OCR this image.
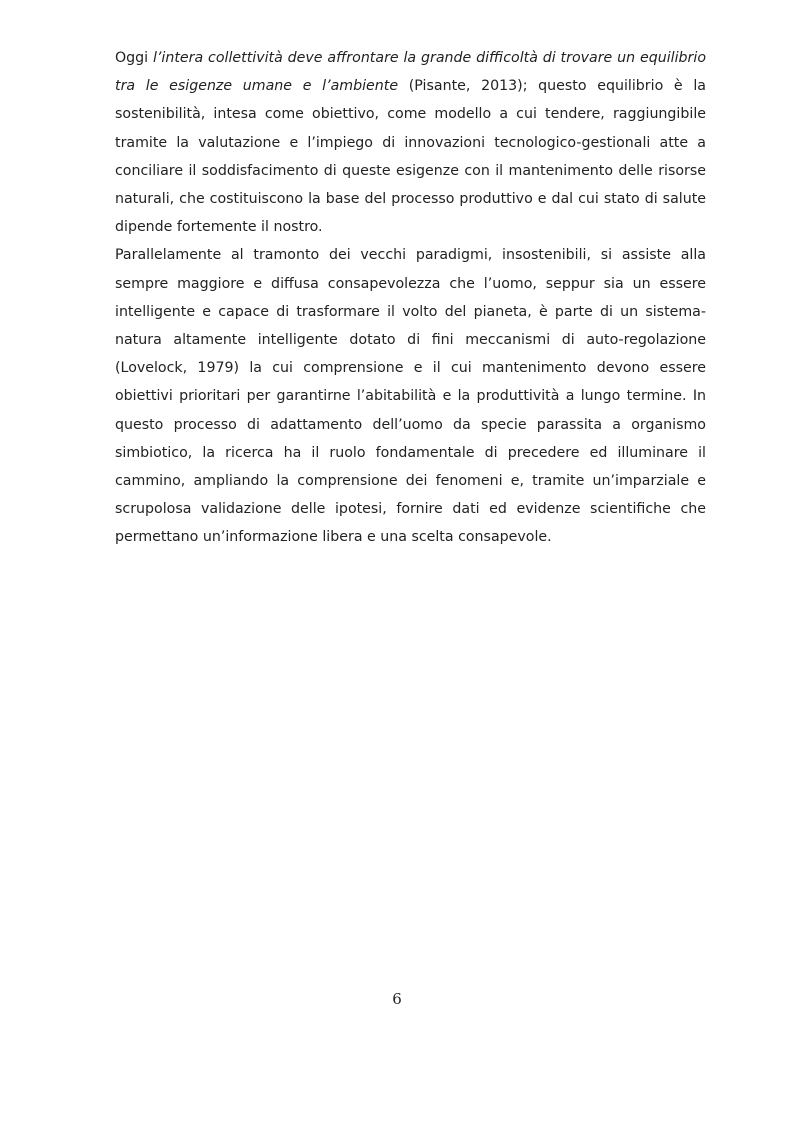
Oggi l’intera collettività deve affrontare la grande difficoltà di trovare un equilibrio tra le esigenze umane e l’ambiente (Pisante, 2013); questo equilibrio è la sostenibilità, intesa come obiettivo, come modello a cui tendere, raggiungibile tramite la valutazione e l’impiego di innovazioni tecnologico-gestionali atte a conciliare il soddisfacimento di queste esigenze con il mantenimento delle risorse naturali, che costituiscono la base del processo produttivo e dal cui stato di salute dipende fortemente il nostro.

Parallelamente al tramonto dei vecchi paradigmi, insostenibili, si assiste alla sempre maggiore e diffusa consapevolezza che l’uomo, seppur sia un essere intelligente e capace di trasformare il volto del pianeta, è parte di un sistema-natura altamente intelligente dotato di fini meccanismi di auto-regolazione (Lovelock, 1979) la cui comprensione e il cui mantenimento devono essere obiettivi prioritari per garantirne l’abitabilità e la produttività a lungo termine. In questo processo di adattamento dell’uomo da specie parassita a organismo simbiotico, la ricerca ha il ruolo fondamentale di precedere ed illuminare il cammino, ampliando la comprensione dei fenomeni e, tramite un’imparziale e scrupolosa validazione delle ipotesi, fornire dati ed evidenze scientifiche che permettano un’informazione libera e una scelta consapevole.

6
